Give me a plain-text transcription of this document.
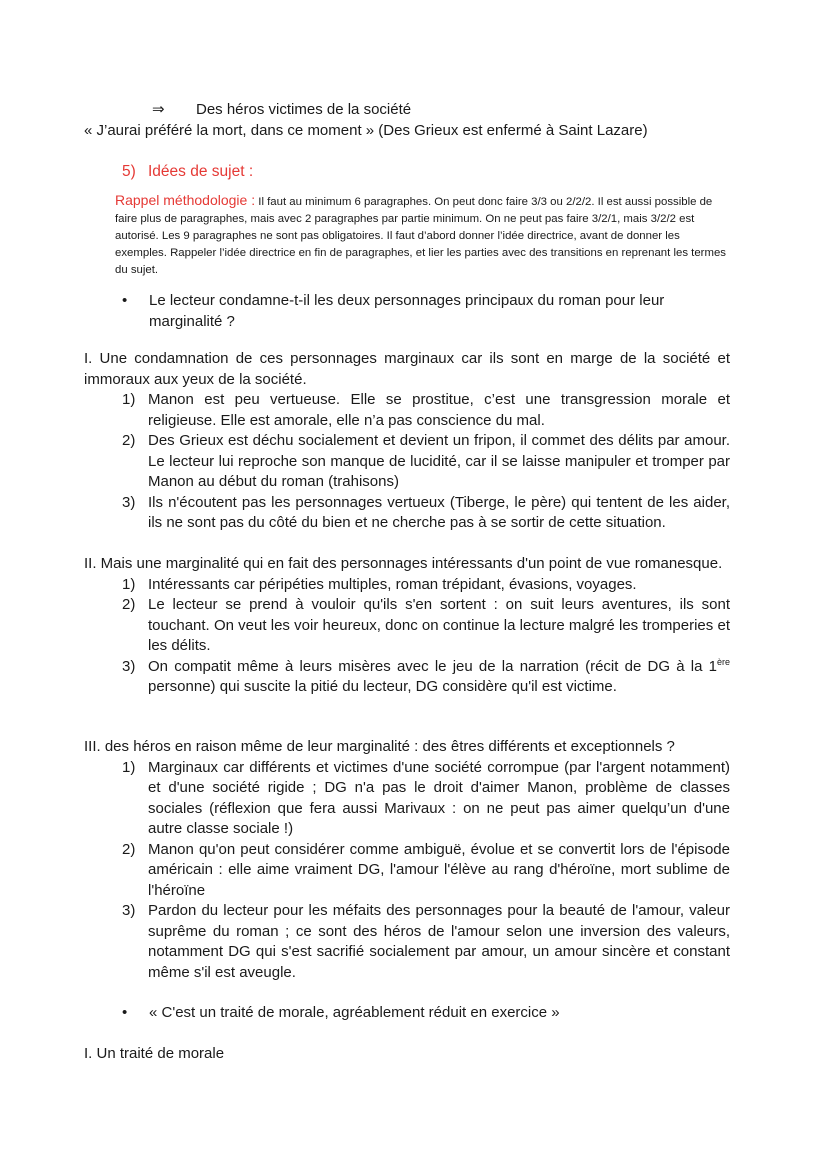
⇒ Des héros victimes de la société
« J’aurai préféré la mort, dans ce moment » (Des Grieux est enfermé à Saint Lazare)
5) Idées de sujet :
Rappel méthodologie : Il faut au minimum 6 paragraphes. On peut donc faire 3/3 ou 2/2/2. Il est aussi possible de faire plus de paragraphes, mais avec 2 paragraphes par partie minimum. On ne peut pas faire 3/2/1, mais 3/2/2 est autorisé. Les 9 paragraphes ne sont pas obligatoires. Il faut d’abord donner l’idée directrice, avant de donner les exemples. Rappeler l’idée directrice en fin de paragraphes, et lier les parties avec des transitions en reprenant les termes du sujet.
• Le lecteur condamne-t-il les deux personnages principaux du roman pour leur marginalité ?
I. Une condamnation de ces personnages marginaux car ils sont en marge de la société et immoraux aux yeux de la société.
1) Manon est peu vertueuse. Elle se prostitue, c’est une transgression morale et religieuse. Elle est amorale, elle n’a pas conscience du mal.
2) Des Grieux est déchu socialement et devient un fripon, il commet des délits par amour. Le lecteur lui reproche son manque de lucidité, car il se laisse manipuler et tromper par Manon au début du roman (trahisons)
3) Ils n'écoutent pas les personnages vertueux (Tiberge, le père) qui tentent de les aider, ils ne sont pas du côté du bien et ne cherche pas à se sortir de cette situation.
II. Mais une marginalité qui en fait des personnages intéressants d'un point de vue romanesque.
1) Intéressants car péripéties multiples, roman trépidant, évasions, voyages.
2) Le lecteur se prend à vouloir qu'ils s'en sortent : on suit leurs aventures, ils sont touchant. On veut les voir heureux, donc on continue la lecture malgré les tromperies et les délits.
3) On compatit même à leurs misères avec le jeu de la narration (récit de DG à la 1ère personne) qui suscite la pitié du lecteur, DG considère qu'il est victime.
III. des héros en raison même de leur marginalité : des êtres différents et exceptionnels ?
1) Marginaux car différents et victimes d'une société corrompue (par l'argent notamment) et d'une société rigide ; DG n'a pas le droit d'aimer Manon, problème de classes sociales (réflexion que fera aussi Marivaux : on ne peut pas aimer quelqu’un d'une autre classe sociale !)
2) Manon qu'on peut considérer comme ambiguë, évolue et se convertit lors de l'épisode américain : elle aime vraiment DG, l'amour l'élève au rang d'héroïne, mort sublime de l'héroïne
3) Pardon du lecteur pour les méfaits des personnages pour la beauté de l'amour, valeur suprême du roman ; ce sont des héros de l'amour selon une inversion des valeurs, notamment DG qui s'est sacrifié socialement par amour, un amour sincère et constant même s'il est aveugle.
• « C'est un traité de morale, agréablement réduit en exercice »
I. Un traité de morale
